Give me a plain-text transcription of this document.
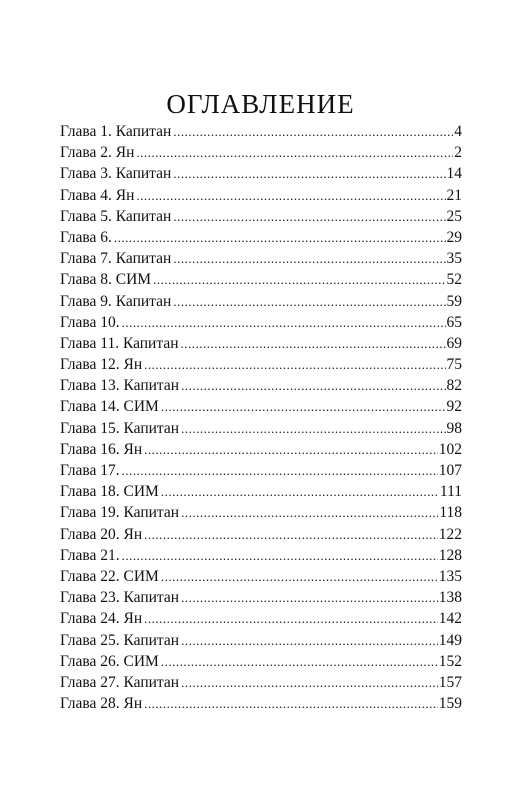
ОГЛАВЛЕНИЕ
Глава 1. Капитан .....	4
Глава 2. Ян .....	2
Глава 3. Капитан .....	14
Глава 4. Ян .....	21
Глава 5. Капитан .....	25
Глава 6. .....	29
Глава 7. Капитан .....	35
Глава 8. СИМ .....	52
Глава 9. Капитан .....	59
Глава 10. .....	65
Глава 11. Капитан .....	69
Глава 12. Ян .....	75
Глава 13. Капитан .....	82
Глава 14. СИМ .....	92
Глава 15. Капитан .....	98
Глава 16. Ян .....	102
Глава 17. .....	107
Глава 18. СИМ .....	111
Глава 19. Капитан .....	118
Глава 20. Ян .....	122
Глава 21. .....	128
Глава 22. СИМ .....	135
Глава 23. Капитан .....	138
Глава 24. Ян .....	142
Глава 25. Капитан .....	149
Глава 26. СИМ .....	152
Глава 27. Капитан .....	157
Глава 28. Ян .....	159
